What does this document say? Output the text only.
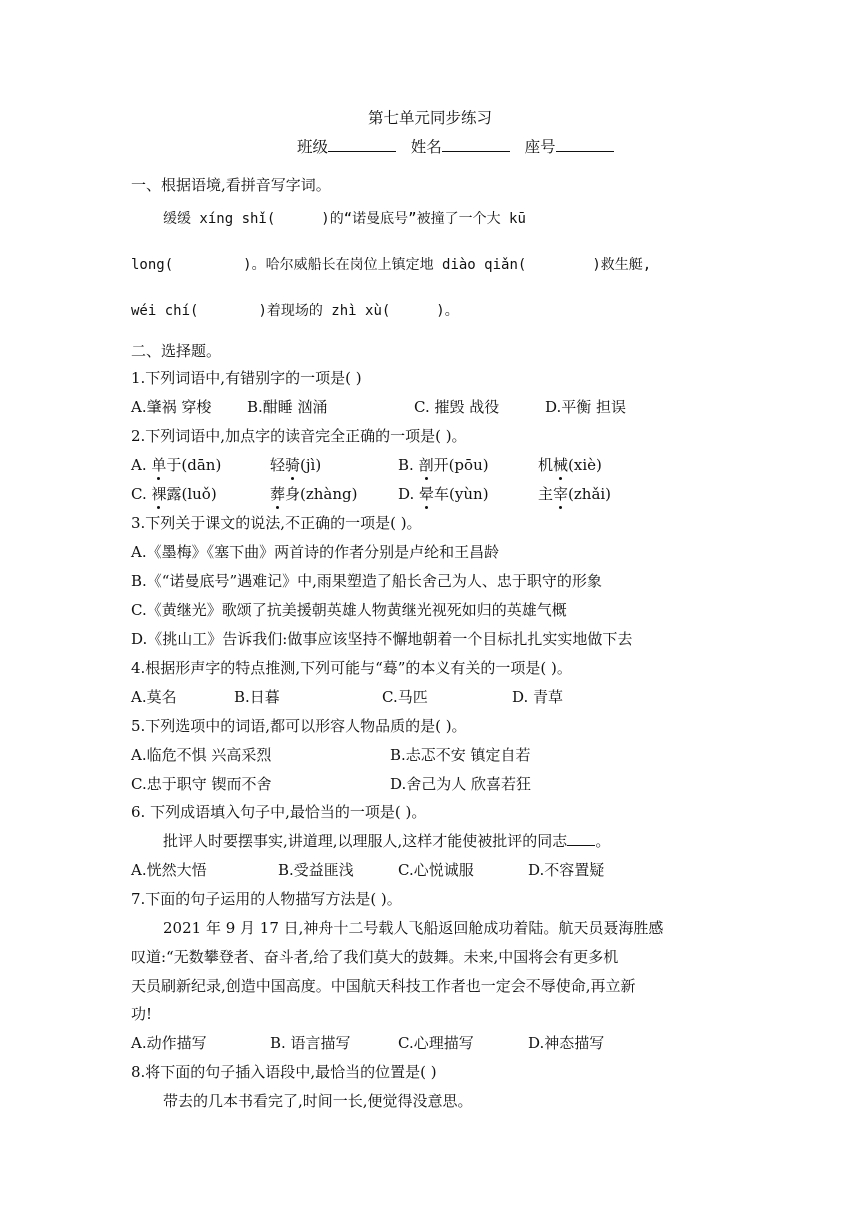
第七单元同步练习
班级	姓名	座号
一、根据语境,看拼音写字词。
缓缓 xíng shǐ(	)的“诺曼底号”被撞了一个大 kū
long(	)。哈尔威船长在岗位上镇定地 diào qiǎn(	)救生艇,
wéi chí(	)着现场的 zhì xù(	)。
二、选择题。
1.下列词语中,有错别字的一项是( )
A.肇祸 穿梭 B.酣睡 汹涌	C. 摧毁 战役	D.平衡 担误
2.下列词语中,加点字的读音完全正确的一项是( )。
A. 单于(dān)	轻骑(jì)	B. 剖开(pōu)	机械(xiè)
C. 裸露(luǒ)	葬身(zhàng)	D. 晕车(yùn)	主宰(zhǎi)
3.下列关于课文的说法,不正确的一项是( )。
A.《墨梅》《塞下曲》两首诗的作者分别是卢纶和王昌龄
B.《“诺曼底号”遇难记》中,雨果塑造了船长舍己为人、忠于职守的形象
C.《黄继光》歌颂了抗美援朝英雄人物黄继光视死如归的英雄气概
D.《挑山工》告诉我们:做事应该坚持不懈地朝着一个目标扎扎实实地做下去
4.根据形声字的特点推测,下列可能与“蓦”的本义有关的一项是( )。
A.莫名	B.日暮	C.马匹	D. 青草
5.下列选项中的词语,都可以形容人物品质的是( )。
A.临危不惧 兴高采烈	B.忐忑不安 镇定自若
C.忠于职守 锲而不舍	D.舍己为人 欣喜若狂
6. 下列成语填入句子中,最恰当的一项是( )。
批评人时要摆事实,讲道理,以理服人,这样才能使被批评的同志 。
A.恍然大悟	B.受益匪浅	C.心悦诚服	D.不容置疑
7.下面的句子运用的人物描写方法是( )。
2021 年 9 月 17 日,神舟十二号载人飞船返回舱成功着陆。航天员聂海胜感
叹道:“无数攀登者、奋斗者,给了我们莫大的鼓舞。未来,中国将会有更多机
天员刷新纪录,创造中国高度。中国航天科技工作者也一定会不辱使命,再立新
功!
A.动作描写	B. 语言描写	C.心理描写	D.神态描写
8.将下面的句子插入语段中,最恰当的位置是( )
带去的几本书看完了,时间一长,便觉得没意思。
